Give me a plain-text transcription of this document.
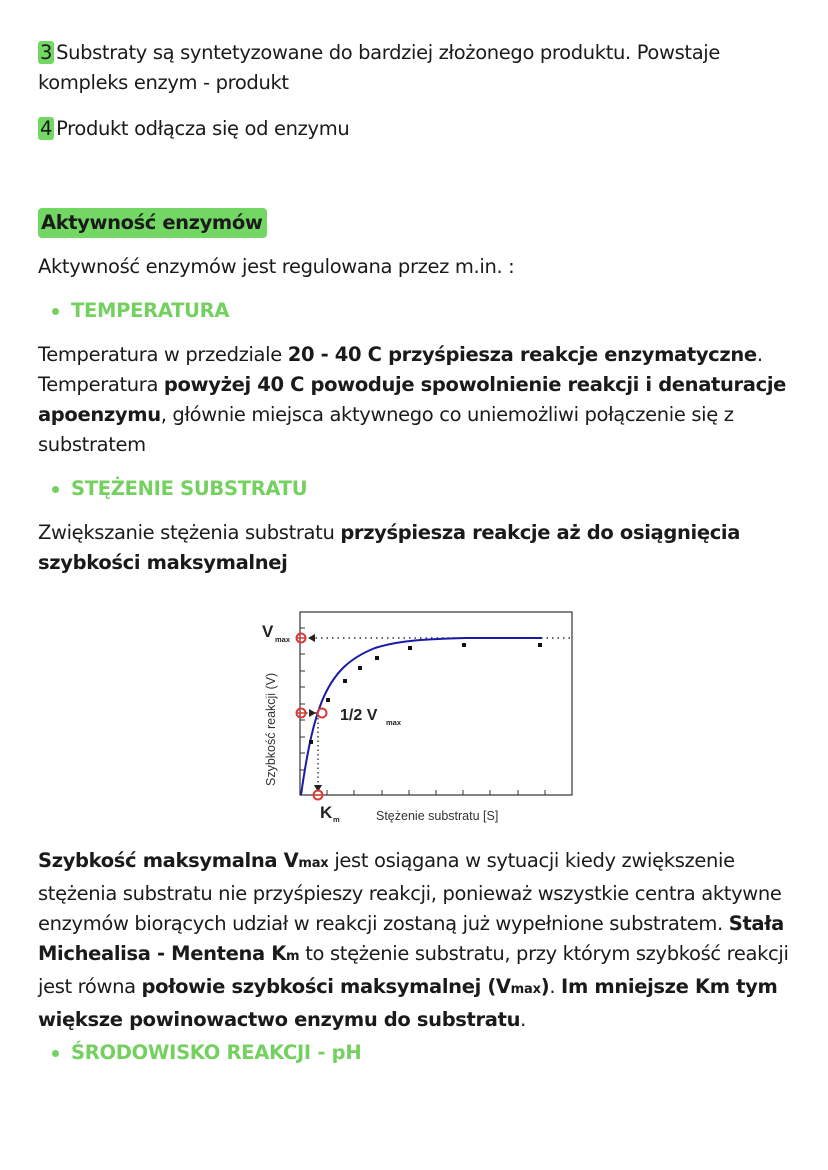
3 Substraty są syntetyzowane do bardziej złożonego produktu. Powstaje kompleks enzym - produkt

4 Produkt odłącza się od enzymu

Aktywność enzymów

Aktywność enzymów jest regulowana przez m.in. :

TEMPERATURA

Temperatura w przedziale 20 - 40 C przyśpiesza reakcje enzymatyczne. Temperatura powyżej 40 C powoduje spowolnienie reakcji i denaturacje apoenzymu, głównie miejsca aktywnego co uniemożliwi połączenie się z substratem

STĘŻENIE SUBSTRATU

Zwiększanie stężenia substratu przyśpiesza reakcje aż do osiągnięcia szybkości maksymalnej

Szybkość maksymalna Vmax jest osiągana w sytuacji kiedy zwiększenie stężenia substratu nie przyśpieszy reakcji, ponieważ wszystkie centra aktywne enzymów biorących udział w reakcji zostaną już wypełnione substratem. Stała Michealisa - Mentena Km to stężenie substratu, przy którym szybkość reakcji jest równa połowie szybkości maksymalnej (Vmax). Im mniejsze Km tym większe powinowactwo enzymu do substratu.

ŚRODOWISKO REAKCJI - pH
V max
1/2 V max
K m	Stężenie substratu [S]
Szybkość reakcji (V)
